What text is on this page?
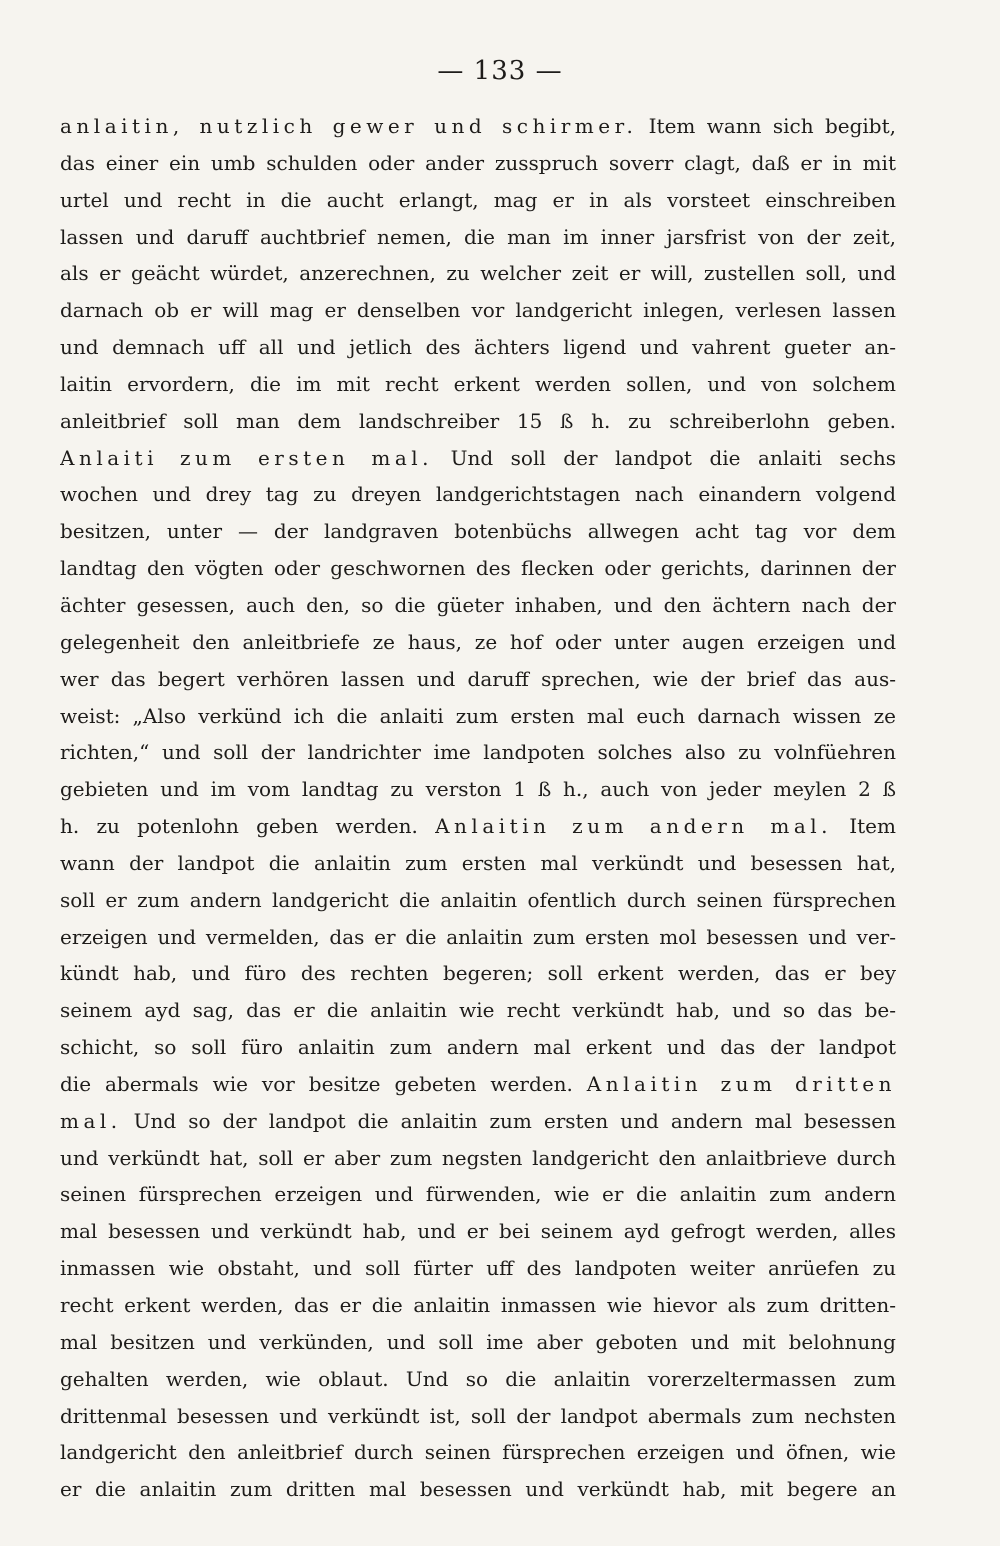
— 133 —
anlaitin, nutzlich gewer und schirmer. Item wann sich begibt,
das einer ein umb schulden oder ander zusspruch soverr clagt, daß er in mit
urtel und recht in die aucht erlangt, mag er in als vorsteet einschreiben
lassen und daruff auchtbrief nemen, die man im inner jarsfrist von der zeit,
als er geächt würdet, anzerechnen, zu welcher zeit er will, zustellen soll, und
darnach ob er will mag er denselben vor landgericht inlegen, verlesen lassen
und demnach uff all und jetlich des ächters ligend und vahrent gueter an-
laitin ervordern, die im mit recht erkent werden sollen, und von solchem
anleitbrief soll man dem landschreiber 15 ß h. zu schreiberlohn geben.
Anlaiti zum ersten mal. Und soll der landpot die anlaiti sechs
wochen und drey tag zu dreyen landgerichtstagen nach einandern volgend
besitzen, unter — der landgraven botenbüchs allwegen acht tag vor dem
landtag den vögten oder geschwornen des flecken oder gerichts, darinnen der
ächter gesessen, auch den, so die güeter inhaben, und den ächtern nach der
gelegenheit den anleitbriefe ze haus, ze hof oder unter augen erzeigen und
wer das begert verhören lassen und daruff sprechen, wie der brief das aus-
weist: „Also verkünd ich die anlaiti zum ersten mal euch darnach wissen ze
richten,“ und soll der landrichter ime landpoten solches also zu volnfüehren
gebieten und im vom landtag zu verston 1 ß h., auch von jeder meylen 2 ß
h. zu potenlohn geben werden. Anlaitin zum andern mal. Item
wann der landpot die anlaitin zum ersten mal verkündt und besessen hat,
soll er zum andern landgericht die anlaitin ofentlich durch seinen fürsprechen
erzeigen und vermelden, das er die anlaitin zum ersten mol besessen und ver-
kündt hab, und füro des rechten begeren; soll erkent werden, das er bey
seinem ayd sag, das er die anlaitin wie recht verkündt hab, und so das be-
schicht, so soll füro anlaitin zum andern mal erkent und das der landpot
die abermals wie vor besitze gebeten werden. Anlaitin zum dritten
mal. Und so der landpot die anlaitin zum ersten und andern mal besessen
und verkündt hat, soll er aber zum negsten landgericht den anlaitbrieve durch
seinen fürsprechen erzeigen und fürwenden, wie er die anlaitin zum andern
mal besessen und verkündt hab, und er bei seinem ayd gefrogt werden, alles
inmassen wie obstaht, und soll fürter uff des landpoten weiter anrüefen zu
recht erkent werden, das er die anlaitin inmassen wie hievor als zum dritten-
mal besitzen und verkünden, und soll ime aber geboten und mit belohnung
gehalten werden, wie oblaut. Und so die anlaitin vorerzeltermassen zum
drittenmal besessen und verkündt ist, soll der landpot abermals zum nechsten
landgericht den anleitbrief durch seinen fürsprechen erzeigen und öfnen, wie
er die anlaitin zum dritten mal besessen und verkündt hab, mit begere an
